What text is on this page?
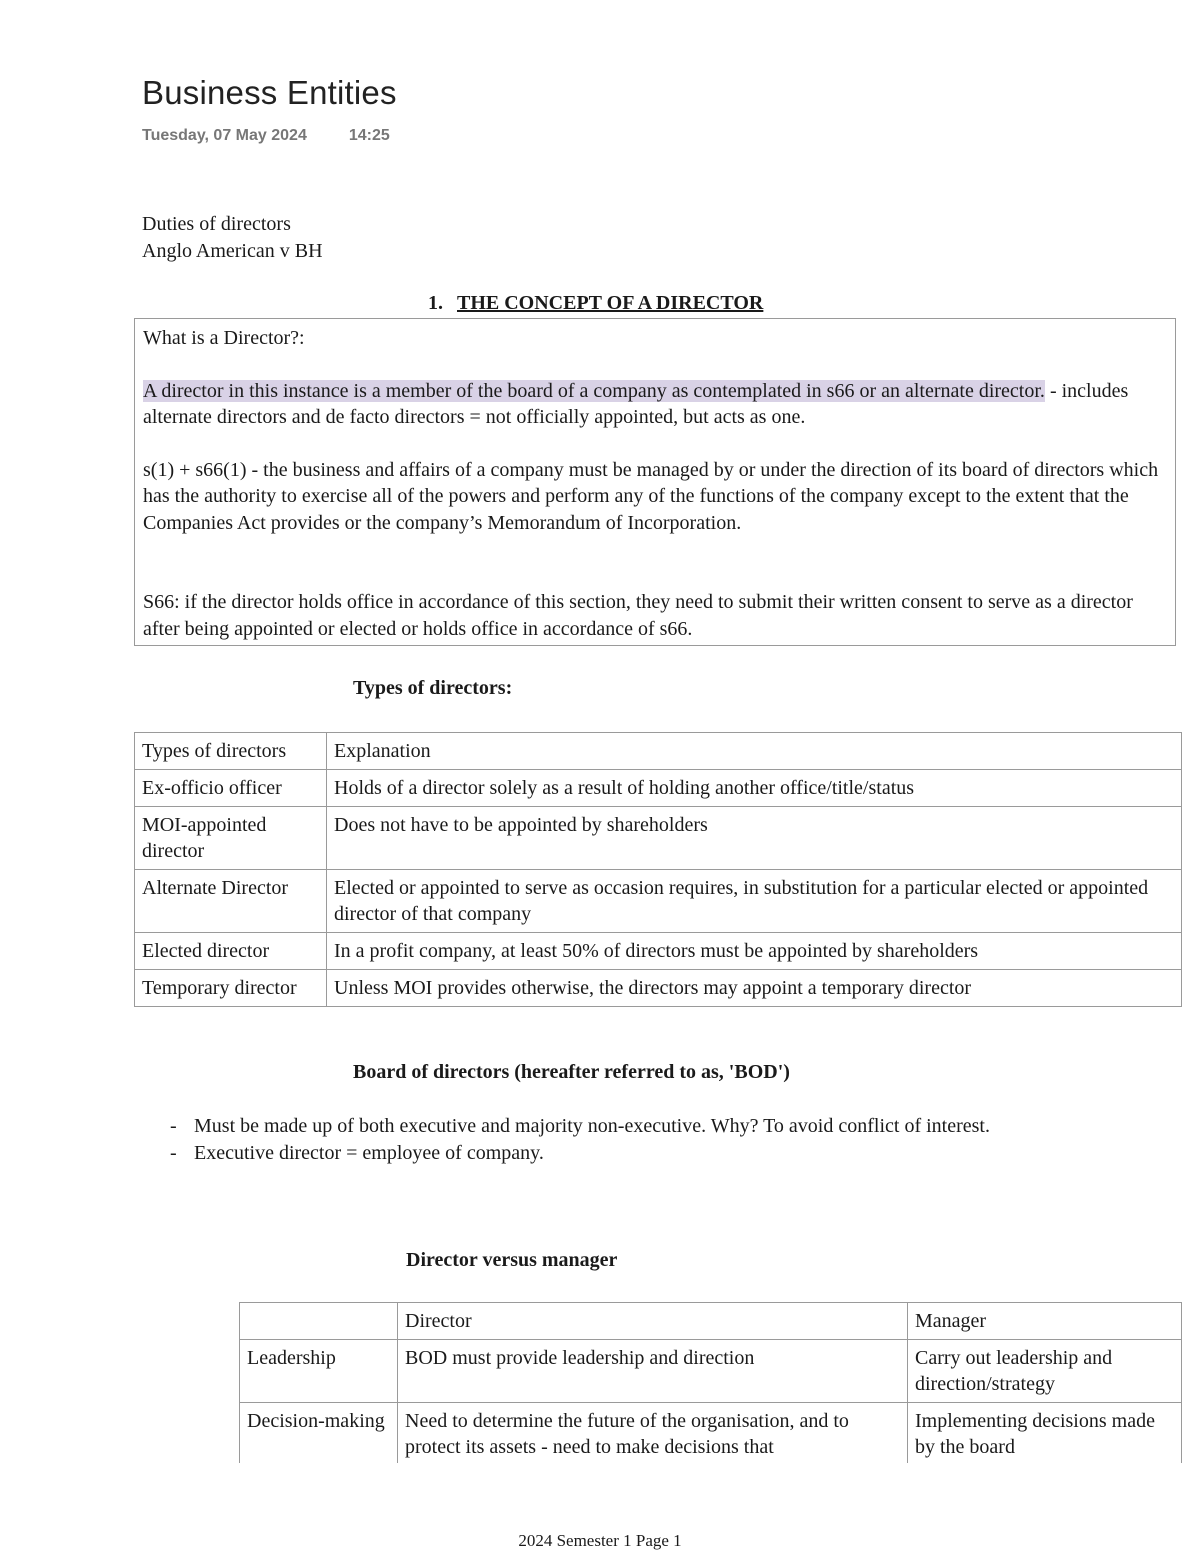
Business Entities
Tuesday, 07 May 2024	14:25
Duties of directors
Anglo American v BH
1. THE CONCEPT OF A DIRECTOR

What is a Director?:

A director in this instance is a member of the board of a company as contemplated in s66 or an alternate director. - includes alternate directors and de facto directors = not officially appointed, but acts as one.

s(1) + s66(1) - the business and affairs of a company must be managed by or under the direction of its board of directors which has the authority to exercise all of the powers and perform any of the functions of the company except to the extent that the Companies Act provides or the company’s Memorandum of Incorporation.

S66: if the director holds office in accordance of this section, they need to submit their written consent to serve as a director after being appointed or elected or holds office in accordance of s66.

Types of directors:
Types of directors	Explanation
Ex-officio officer	Holds of a director solely as a result of holding another office/title/status
MOI-appointed director	Does not have to be appointed by shareholders
Alternate Director	Elected or appointed to serve as occasion requires, in substitution for a particular elected or appointed director of that company
Elected director	In a profit company, at least 50% of directors must be appointed by shareholders
Temporary director	Unless MOI provides otherwise, the directors may appoint a temporary director
Board of directors (hereafter referred to as, 'BOD')
- Must be made up of both executive and majority non-executive. Why? To avoid conflict of interest.
- Executive director = employee of company.
Director versus manager
	Director	Manager
Leadership	BOD must provide leadership and direction	Carry out leadership and direction/strategy
Decision-making	Need to determine the future of the organisation, and to protect its assets - need to make decisions that	Implementing decisions made by the board
2024 Semester 1 Page 1
